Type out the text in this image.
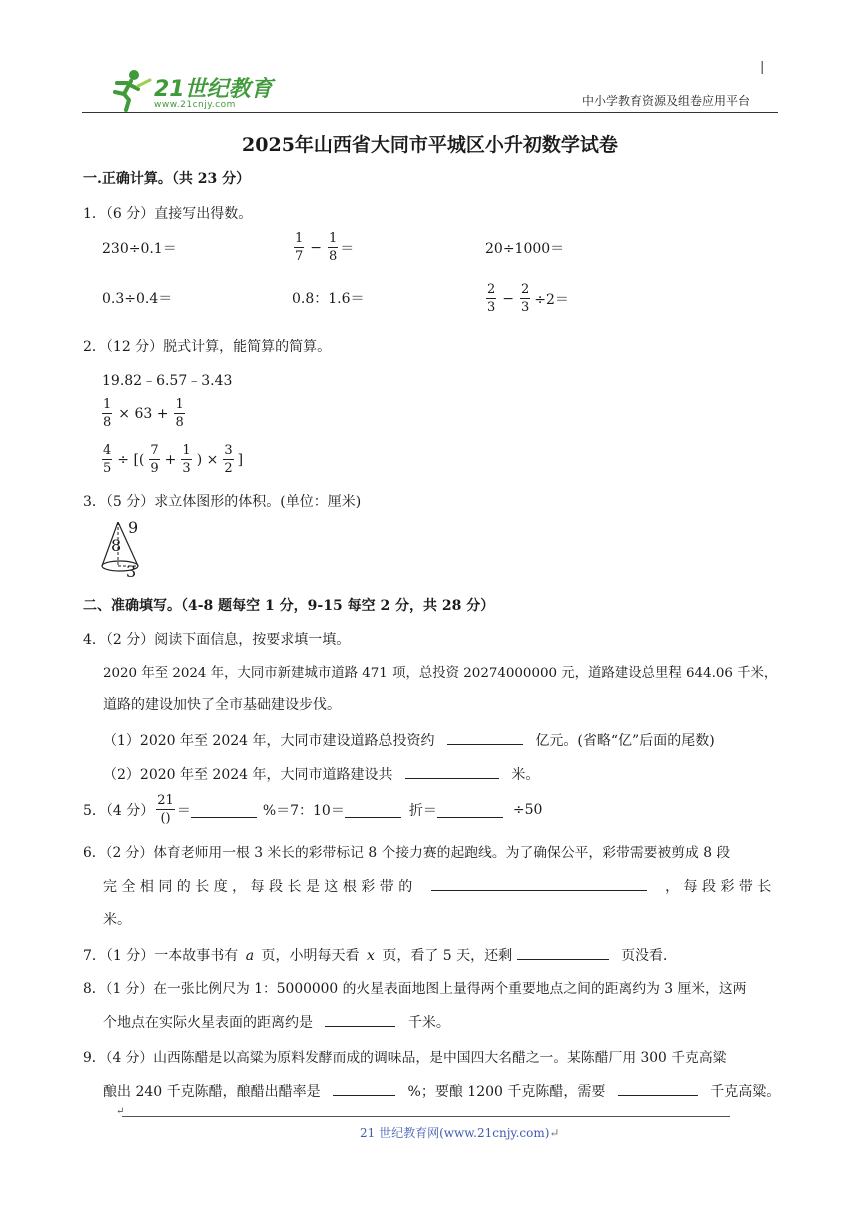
21世纪教育
www.21cnjy.com
|
中小学教育资源及组卷应用平台
2025年山西省大同市平城区小升初数学试卷
一.正确计算。（共 23 分）
1．（6 分）直接写出得数。
230÷0.1＝	$\frac{1}{7} - \frac{1}{8}$ ＝	20÷1000＝
0.3÷0.4＝	0.8：1.6＝	$\frac{2}{3} - \frac{2}{3} \div 2=$
2．（12 分）脱式计算，能简算的简算。
19.82﹣6.57﹣3.43
$\frac{1}{8} \times 63 + \frac{1}{8}$
$\frac{4}{5}$ ÷ [( $\frac{7}{9} + \frac{1}{3}$ ) × $\frac{3}{2}$ ]
3．（5 分）求立体图形的体积。(单位：厘米)
9
8
3
二、准确填写。（4-8 题每空 1 分，9-15 每空 2 分，共 28 分）
4．（2 分）阅读下面信息，按要求填一填。
2020 年至 2024 年，大同市新建城市道路 471 项，总投资 20274000000 元，道路建设总里程 644.06 千米，
道路的建设加快了全市基础建设步伐。
（1）2020 年至 2024 年，大同市建设道路总投资约	亿元。(省略“亿”后面的尾数)
（2）2020 年至 2024 年，大同市道路建设共	米。
5．（4 分） $\frac{21}{()}$ ＝	%＝7：10＝	折＝	÷50
6．（2 分）体育老师用一根 3 米长的彩带标记 8 个接力赛的起跑线。为了确保公平，彩带需要被剪成 8 段
完 全 相 同 的 长 度 ， 每 段 长 是 这 根 彩 带 的	， 每 段 彩 带 长
米。
7．（1 分）一本故事书有 a 页，小明每天看 x 页，看了 5 天，还剩	页没看．
8．（1 分）在一张比例尺为 1：5000000 的火星表面地图上量得两个重要地点之间的距离约为 3 厘米，这两
个地点在实际火星表面的距离约是	千米。
9．（4 分）山西陈醋是以高粱为原料发酵而成的调味品，是中国四大名醋之一。某陈醋厂用 300 千克高粱
酿出 240 千克陈醋，酿醋出醋率是	%；要酿 1200 千克陈醋，需要	千克高粱。
↵
21 世纪教育网(www.21cnjy.com)↵
